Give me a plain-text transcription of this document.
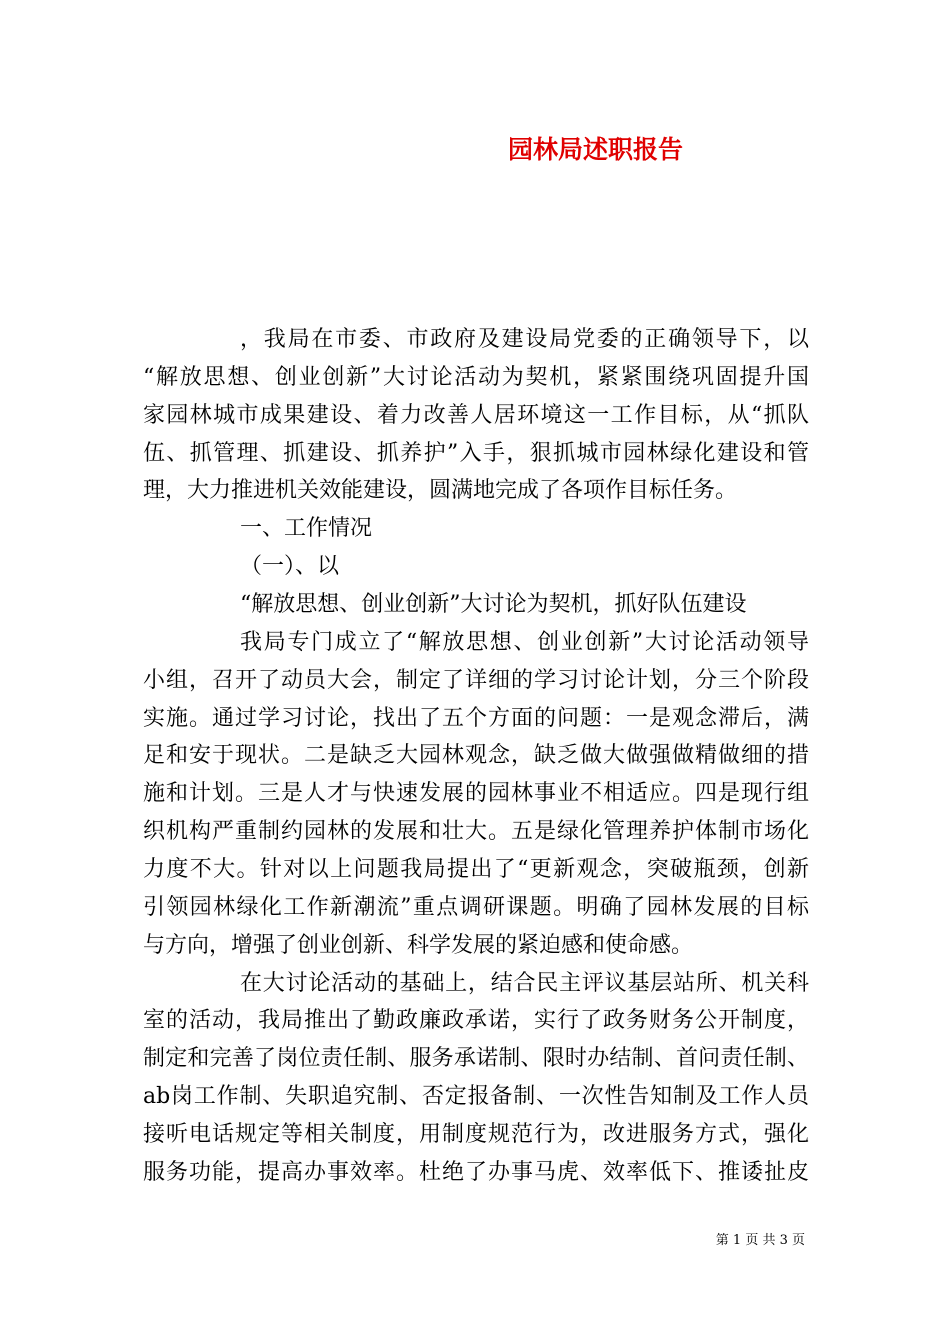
园林局述职报告
，我局在市委、市政府及建设局党委的正确领导下，以
“解放思想、创业创新”大讨论活动为契机，紧紧围绕巩固提升国
家园林城市成果建设、着力改善人居环境这一工作目标，从“抓队
伍、抓管理、抓建设、抓养护”入手，狠抓城市园林绿化建设和管
理，大力推进机关效能建设，圆满地完成了各项作目标任务。
一、工作情况
（一）、以
“解放思想、创业创新”大讨论为契机，抓好队伍建设
我局专门成立了“解放思想、创业创新”大讨论活动领导
小组，召开了动员大会，制定了详细的学习讨论计划，分三个阶段
实施。通过学习讨论，找出了五个方面的问题：一是观念滞后，满
足和安于现状。二是缺乏大园林观念，缺乏做大做强做精做细的措
施和计划。三是人才与快速发展的园林事业不相适应。四是现行组
织机构严重制约园林的发展和壮大。五是绿化管理养护体制市场化
力度不大。针对以上问题我局提出了“更新观念，突破瓶颈，创新
引领园林绿化工作新潮流”重点调研课题。明确了园林发展的目标
与方向，增强了创业创新、科学发展的紧迫感和使命感。
在大讨论活动的基础上，结合民主评议基层站所、机关科
室的活动，我局推出了勤政廉政承诺，实行了政务财务公开制度，
制定和完善了岗位责任制、服务承诺制、限时办结制、首问责任制、
ab岗工作制、失职追究制、否定报备制、一次性告知制及工作人员
接听电话规定等相关制度，用制度规范行为，改进服务方式，强化
服务功能，提高办事效率。杜绝了办事马虎、效率低下、推诿扯皮
第 1 页 共 3 页
